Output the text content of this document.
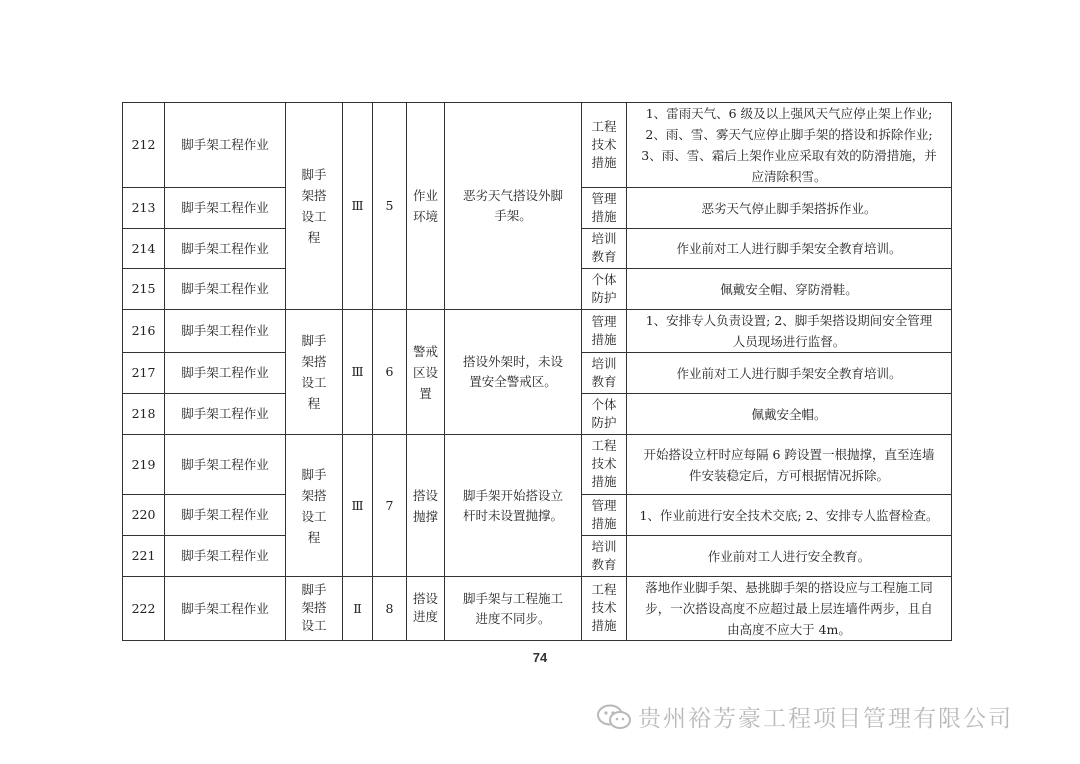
212	脚手架工程作业	脚手架搭设工程	Ⅲ	5	作业环境	恶劣天气搭设外脚手架。	工程技术措施	1、雷雨天气、6 级及以上强风天气应停止架上作业;
2、雨、雪、雾天气应停止脚手架的搭设和拆除作业;
3、雨、雪、霜后上架作业应采取有效的防滑措施，并
应清除积雪。

213	脚手架工程作业						管理措施	恶劣天气停止脚手架搭拆作业。

214	脚手架工程作业						培训教育	作业前对工人进行脚手架安全教育培训。

215	脚手架工程作业						个体防护	佩戴安全帽、穿防滑鞋。

216	脚手架工程作业	脚手架搭设工程	Ⅲ	6	警戒区设置	搭设外架时，未设置安全警戒区。	管理措施	1、安排专人负责设置; 2、脚手架搭设期间安全管理
人员现场进行监督。

217	脚手架工程作业						培训教育	作业前对工人进行脚手架安全教育培训。

218	脚手架工程作业						个体防护	佩戴安全帽。

219	脚手架工程作业	脚手架搭设工程	Ⅲ	7	搭设抛撑	脚手架开始搭设立杆时未设置抛撑。	工程技术措施	开始搭设立杆时应每隔 6 跨设置一根抛撑，直至连墙
件安装稳定后，方可根据情况拆除。

220	脚手架工程作业						管理措施	1、作业前进行安全技术交底; 2、安排专人监督检查。

221	脚手架工程作业						培训教育	作业前对工人进行安全教育。

222	脚手架工程作业	脚手架搭设工	Ⅱ	8	搭设进度	脚手架与工程施工进度不同步。	工程技术措施	落地作业脚手架、悬挑脚手架的搭设应与工程施工同
步，一次搭设高度不应超过最上层连墙件两步，且自
由高度不应大于 4m。
74
贵州裕芳豪工程项目管理有限公司
